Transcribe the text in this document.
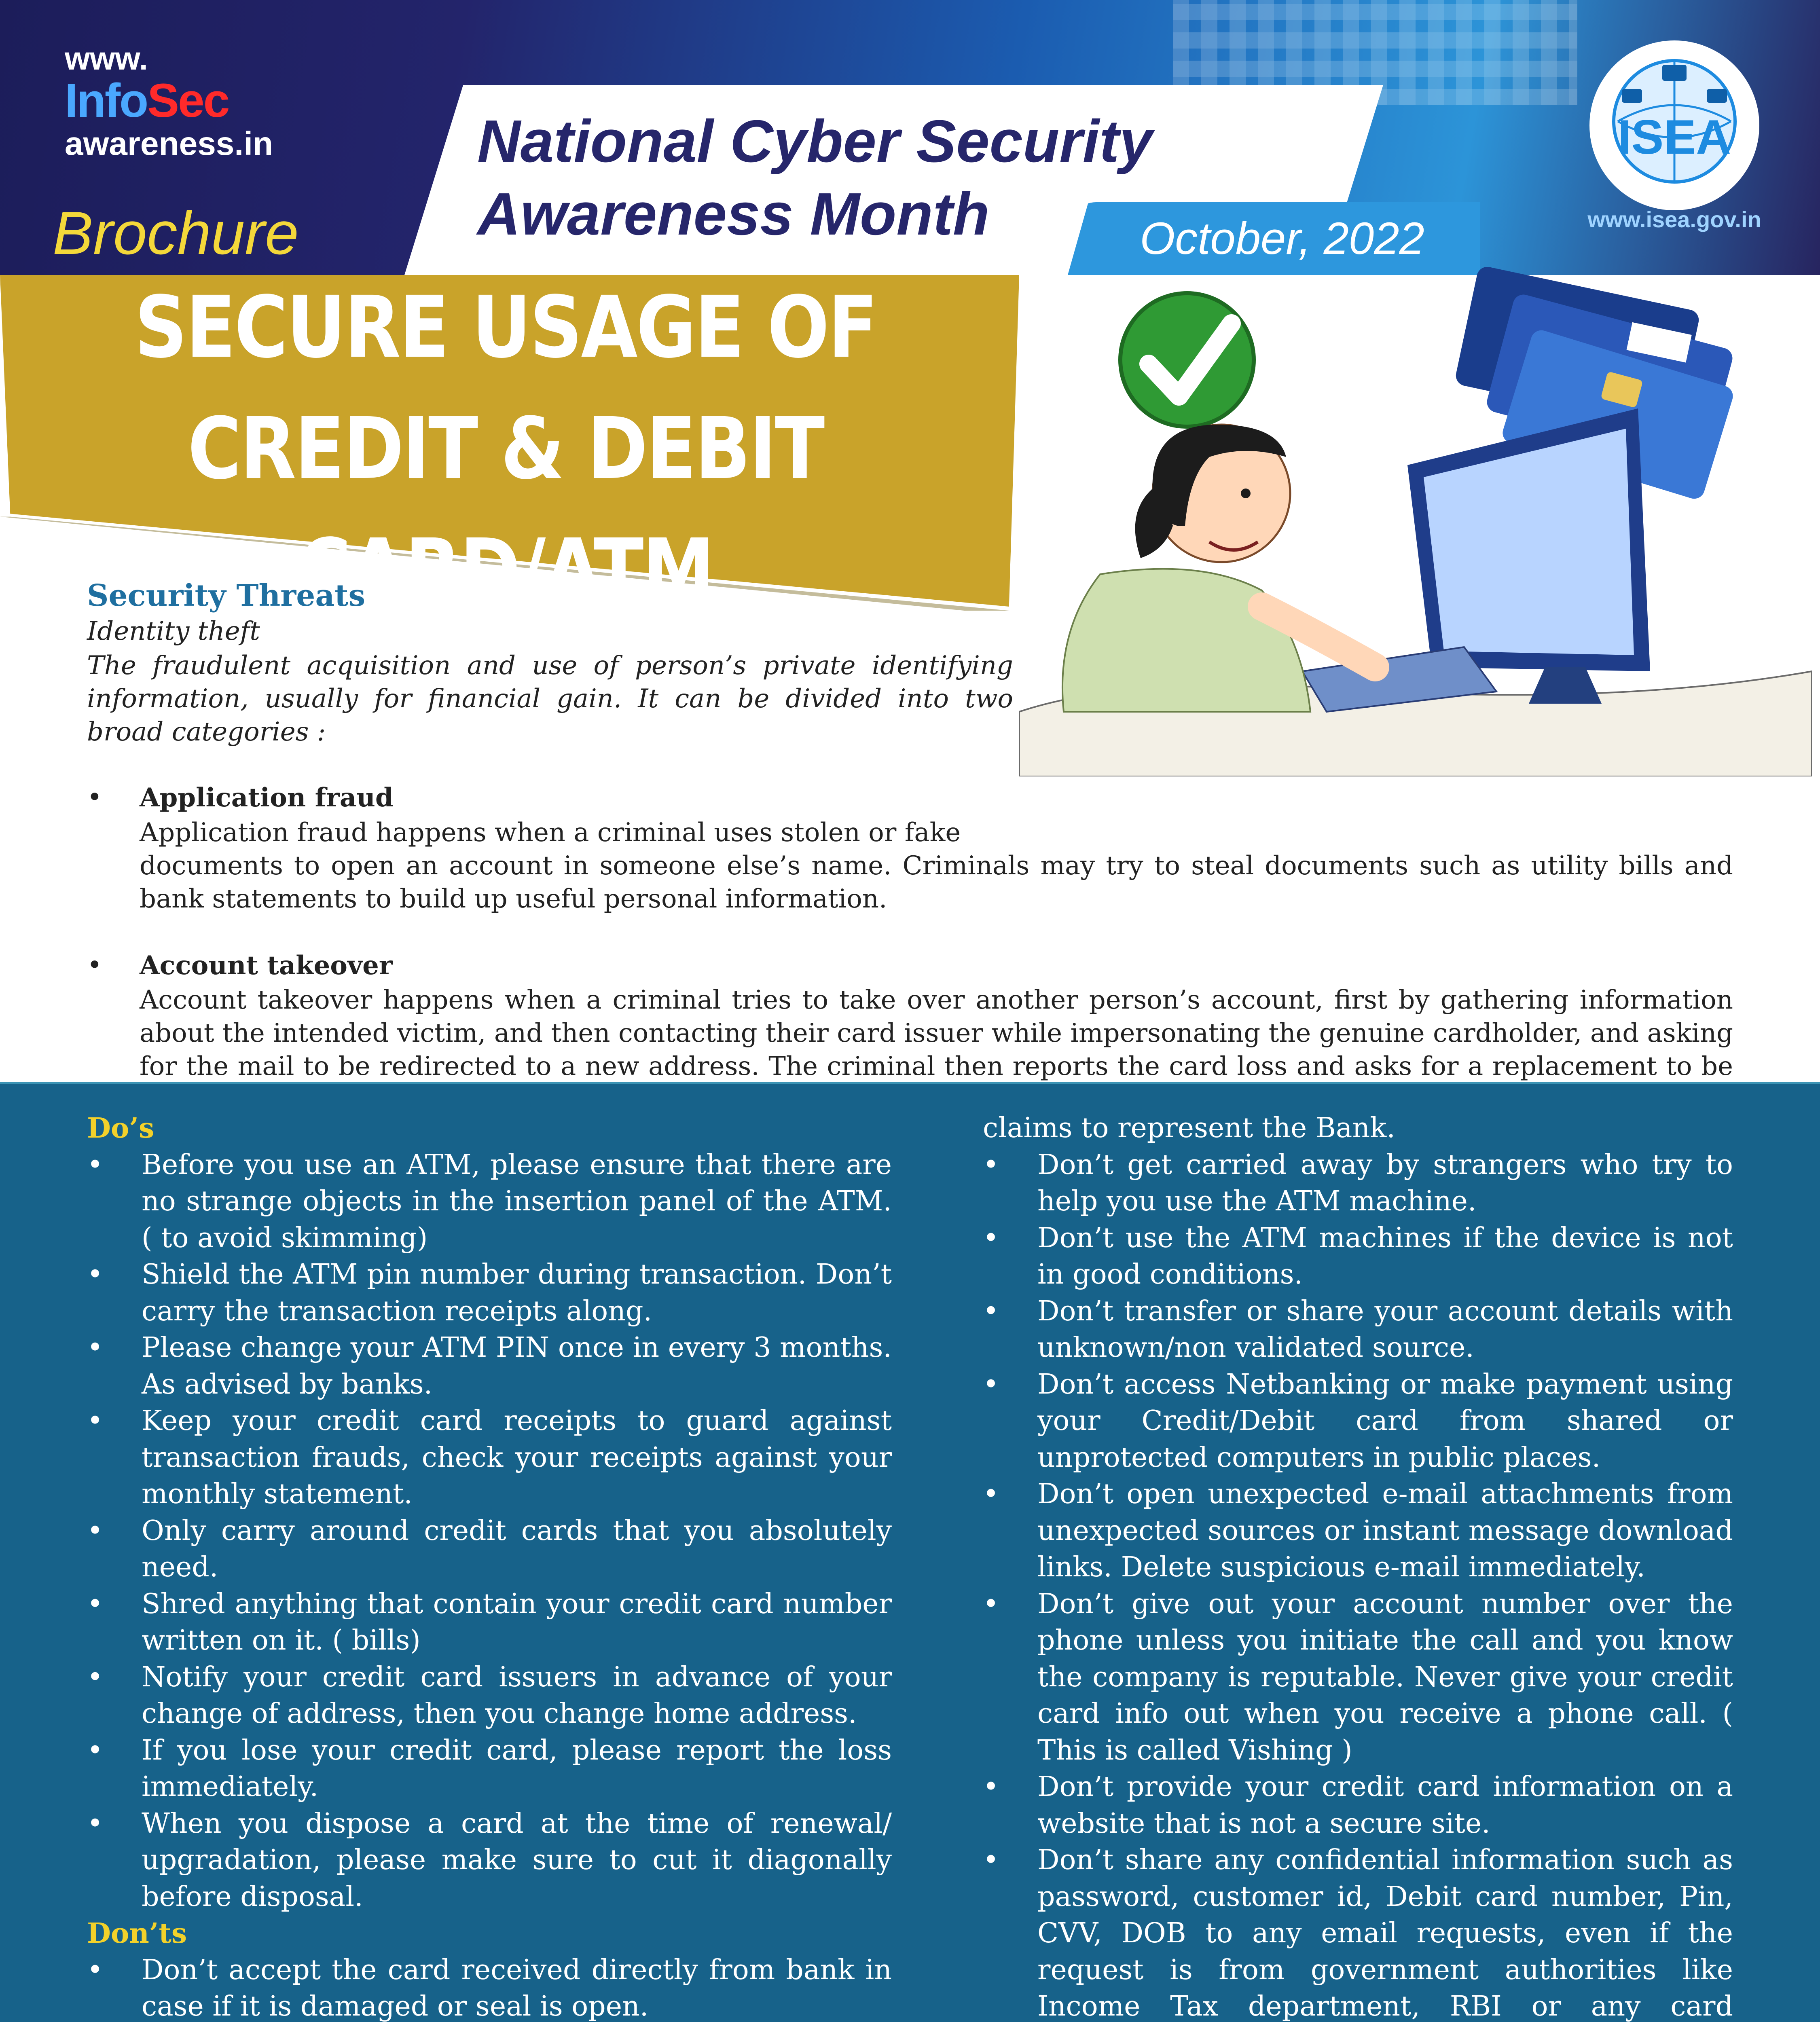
www.
InfoSec
awareness.in
Brochure
National Cyber Security
Awareness Month	October, 2022
ISEA
www.isea.gov.in
SECURE USAGE OF
CREDIT & DEBIT CARD/ATM
Security Threats
Identity theft
The fraudulent acquisition and use of person’s private identifying information, usually for financial gain. It can be divided into two broad categories :
• Application fraud
Application fraud happens when a criminal uses stolen or fake
documents to open an account in someone else’s name. Criminals may try to steal documents such as utility bills and bank statements to build up useful personal information.
• Account takeover
Account takeover happens when a criminal tries to take over another person’s account, first by gathering information about the intended victim, and then contacting their card issuer while impersonating the genuine cardholder, and asking for the mail to be redirected to a new address. The criminal then reports the card loss and asks for a replacement to be
Do’s
• Before you use an ATM, please ensure that there are no strange objects in the insertion panel of the ATM. ( to avoid skimming)
• Shield the ATM pin number during transaction. Don’t carry the transaction receipts along.
• Please change your ATM PIN once in every 3 months. As advised by banks.
• Keep your credit card receipts to guard against transaction frauds, check your receipts against your monthly statement.
• Only carry around credit cards that you absolutely need.
• Shred anything that contain your credit card number written on it. ( bills)
• Notify your credit card issuers in advance of your change of address, then you change home address.
• If you lose your credit card, please report the loss immediately.
• When you dispose a card at the time of renewal/ upgradation, please make sure to cut it diagonally before disposal.
Don’ts
• Don’t accept the card received directly from bank in case if it is damaged or seal is open.

claims to represent the Bank.

• Don’t get carried away by strangers who try to help you use the ATM machine.
• Don’t use the ATM machines if the device is not in good conditions.
• Don’t transfer or share your account details with unknown/non validated source.
• Don’t access Netbanking or make payment using your Credit/Debit card from shared or unprotected computers in public places.
• Don’t open unexpected e-mail attachments from unexpected sources or instant message download links. Delete suspicious e-mail immediately.
• Don’t give out your account number over the phone unless you initiate the call and you know the company is reputable. Never give your credit card info out when you receive a phone call. ( This is called Vishing )
• Don’t provide your credit card information on a website that is not a secure site.
• Don’t share any confidential information such as password, customer id, Debit card number, Pin, CVV, DOB to any email requests, even if the request is from government authorities like Income Tax department, RBI or any card
